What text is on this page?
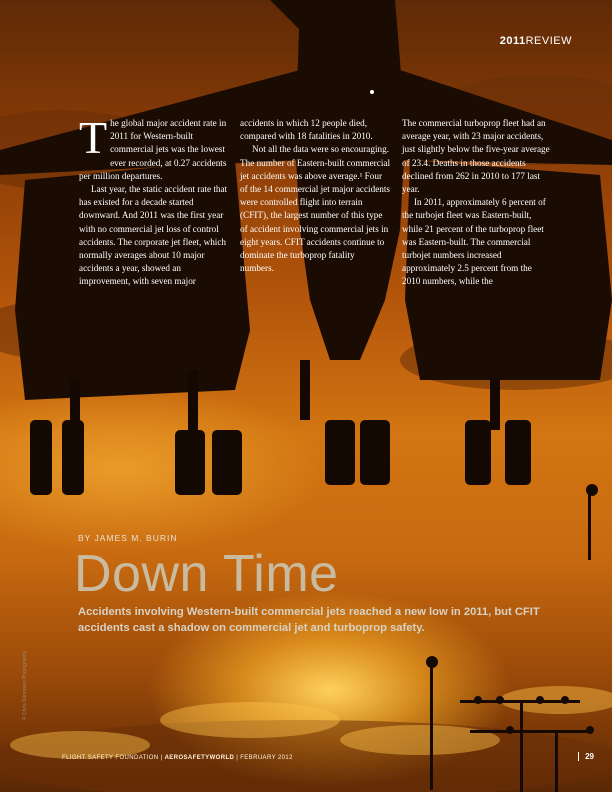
2011REVIEW

The global major accident rate in 2011 for Western-built commercial jets was the lowest ever recorded, at 0.27 accidents per million departures.

Last year, the static accident rate that has existed for a decade started downward. And 2011 was the first year with no commercial jet loss of control accidents. The corporate jet fleet, which normally averages about 10 major accidents a year, showed an improvement, with seven major

accidents in which 12 people died, compared with 18 fatalities in 2010.

Not all the data were so encouraging. The number of Eastern-built commercial jet accidents was above average.¹ Four of the 14 commercial jet major accidents were controlled flight into terrain (CFIT), the largest number of this type of accident involving commercial jets in eight years. CFIT accidents continue to dominate the turboprop fatality numbers.

The commercial turboprop fleet had an average year, with 23 major accidents, just slightly below the five-year average of 23.4. Deaths in those accidents declined from 262 in 2010 to 177 last year.

In 2011, approximately 6 percent of the turbojet fleet was Eastern-built, while 21 percent of the turboprop fleet was Eastern-built. The commercial turbojet numbers increased approximately 2.5 percent from the 2010 numbers, while the

BY JAMES M. BURIN
Down Time
Accidents involving Western-built commercial jets reached a new low in 2011, but CFIT accidents cast a shadow on commercial jet and turboprop safety.
© Chris Sorensen Photography
FLIGHT SAFETY FOUNDATION | AEROSAFETYWORLD | FEBRUARY 2012	29
